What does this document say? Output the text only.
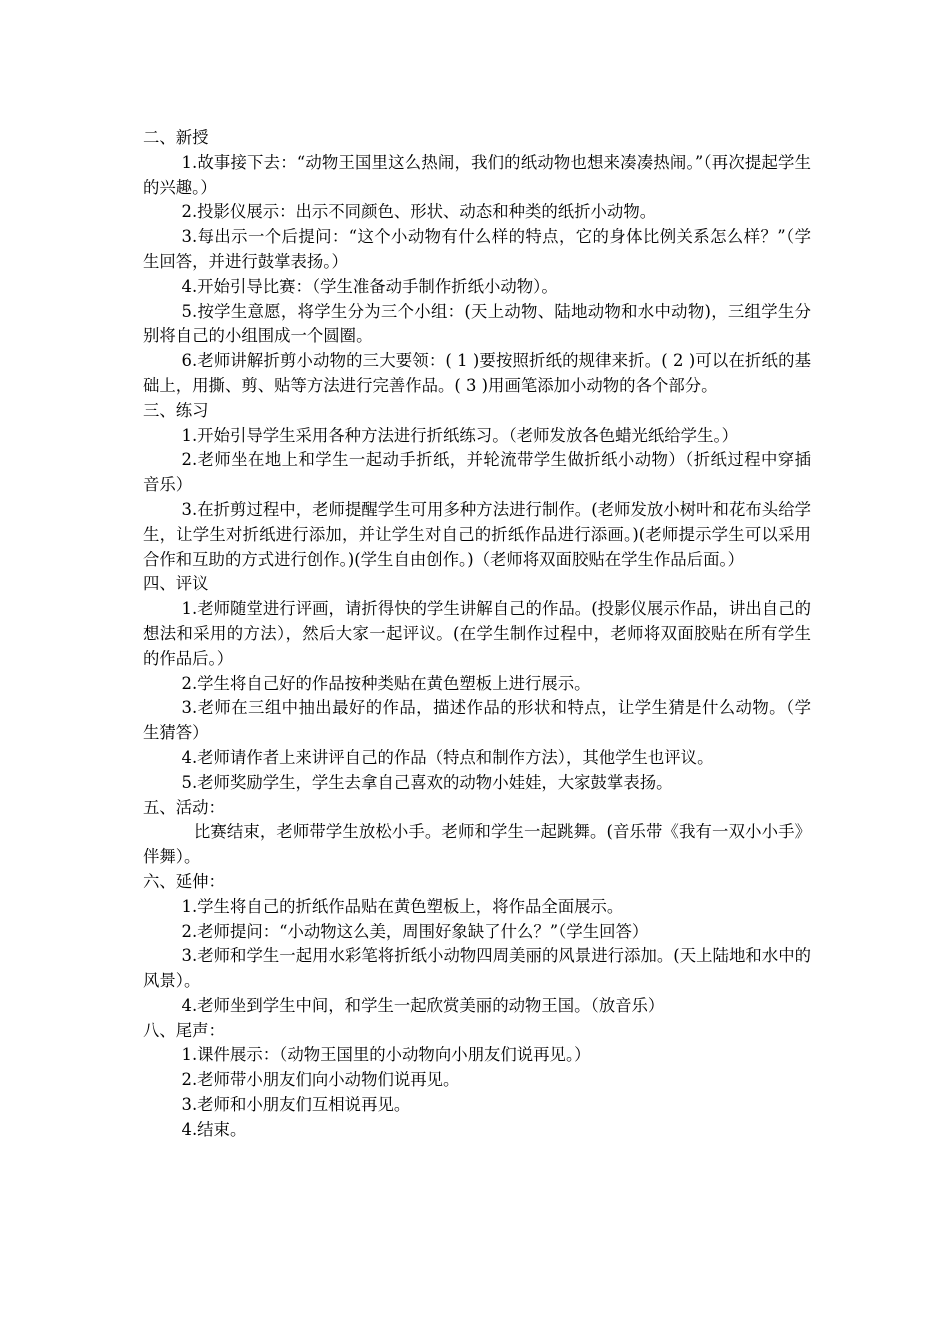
二、新授

1.故事接下去：“动物王国里这么热闹，我们的纸动物也想来凑凑热闹。”（再次提起学生的兴趣。）

2.投影仪展示：出示不同颜色、形状、动态和种类的纸折小动物。

3.每出示一个后提问：“这个小动物有什么样的特点，它的身体比例关系怎么样？”（学生回答，并进行鼓掌表扬。）

4.开始引导比赛：（学生准备动手制作折纸小动物）。

5.按学生意愿，将学生分为三个小组：(天上动物、陆地动物和水中动物)，三组学生分别将自己的小组围成一个圆圈。

6.老师讲解折剪小动物的三大要领：( 1 )要按照折纸的规律来折。( 2 )可以在折纸的基础上，用撕、剪、贴等方法进行完善作品。( 3 )用画笔添加小动物的各个部分。

三、练习

1.开始引导学生采用各种方法进行折纸练习。（老师发放各色蜡光纸给学生。）

2.老师坐在地上和学生一起动手折纸，并轮流带学生做折纸小动物）（折纸过程中穿插音乐）

3.在折剪过程中，老师提醒学生可用多种方法进行制作。(老师发放小树叶和花布头给学生，让学生对折纸进行添加，并让学生对自己的折纸作品进行添画。)(老师提示学生可以采用合作和互助的方式进行创作。)(学生自由创作。)（老师将双面胶贴在学生作品后面。）

四、评议

1.老师随堂进行评画，请折得快的学生讲解自己的作品。(投影仪展示作品，讲出自己的想法和采用的方法），然后大家一起评议。(在学生制作过程中，老师将双面胶贴在所有学生的作品后。）

2.学生将自己好的作品按种类贴在黄色塑板上进行展示。

3.老师在三组中抽出最好的作品，描述作品的形状和特点，让学生猜是什么动物。（学生猜答）

4.老师请作者上来讲评自己的作品（特点和制作方法），其他学生也评议。

5.老师奖励学生，学生去拿自己喜欢的动物小娃娃，大家鼓掌表扬。

五、活动：

比赛结束，老师带学生放松小手。老师和学生一起跳舞。(音乐带《我有一双小小手》伴舞）。

六、延伸：

1.学生将自己的折纸作品贴在黄色塑板上，将作品全面展示。

2.老师提问：“小动物这么美，周围好象缺了什么？”（学生回答）

3.老师和学生一起用水彩笔将折纸小动物四周美丽的风景进行添加。(天上陆地和水中的风景）。

4.老师坐到学生中间，和学生一起欣赏美丽的动物王国。（放音乐）

八、尾声：

1.课件展示：（动物王国里的小动物向小朋友们说再见。）

2.老师带小朋友们向小动物们说再见。

3.老师和小朋友们互相说再见。

4.结束。
